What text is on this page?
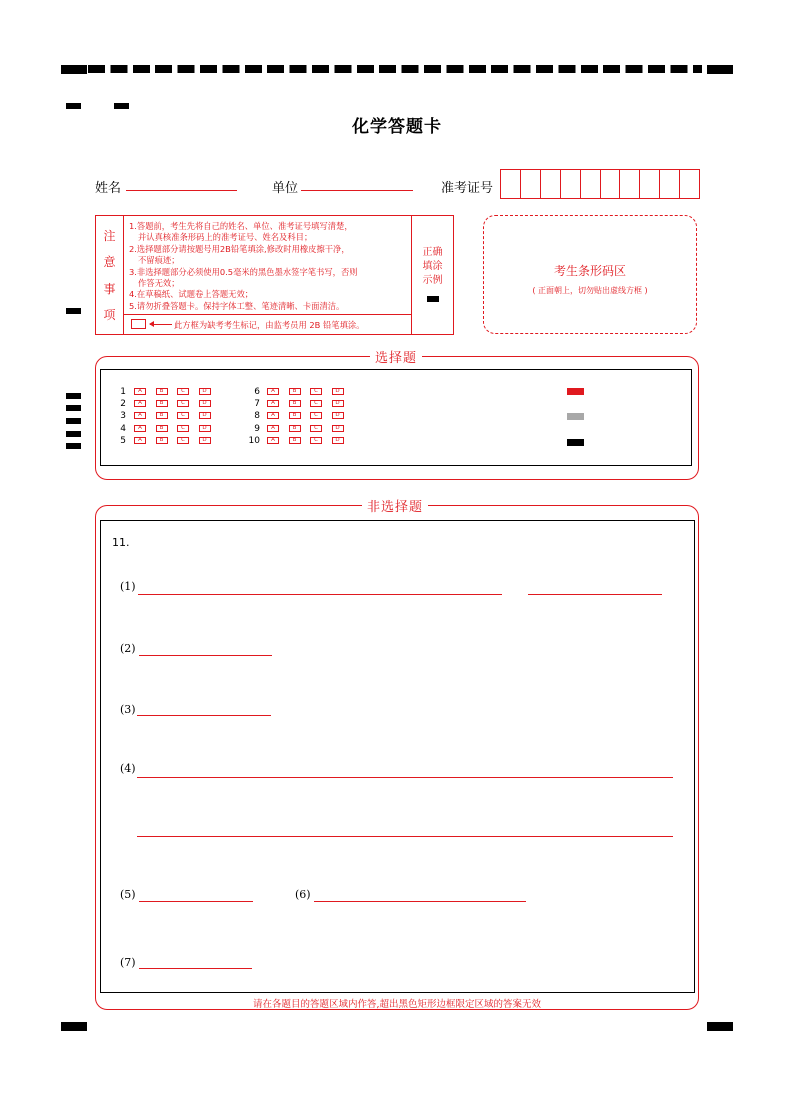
化学答题卡
姓名	单位	准考证号
注
意
事
项
1.答题前，考生先将自己的姓名、单位、准考证号填写清楚，
并认真核准条形码上的准考证号、姓名及科目；
2.选择题部分请按题号用2B铅笔填涂,修改时用橡皮擦干净，
不留痕迹；
3.非选择题部分必须使用0.5毫米的黑色墨水签字笔书写，否则
作答无效；
4.在草稿纸、试题卷上答题无效；
5.请勿折叠答题卡。保持字体工整、笔迹清晰、卡面清洁。
此方框为缺考考生标记，由监考员用 2B 铅笔填涂。
正确
填涂
示例
考生条形码区
( 正面朝上，切勿贴出虚线方框 )
选择题
1	A	B	C	D
2	A	B	C	D
3	A	B	C	D
4	A	B	C	D
5	A	B	C	D
6	A	B	C	D
7	A	B	C	D
8	A	B	C	D
9	A	B	C	D
10	A	B	C	D
非选择题
11.
(1)
(2)
(3)
(4)
(5)	(6)
(7)
请在各题目的答题区域内作答,超出黑色矩形边框限定区域的答案无效
